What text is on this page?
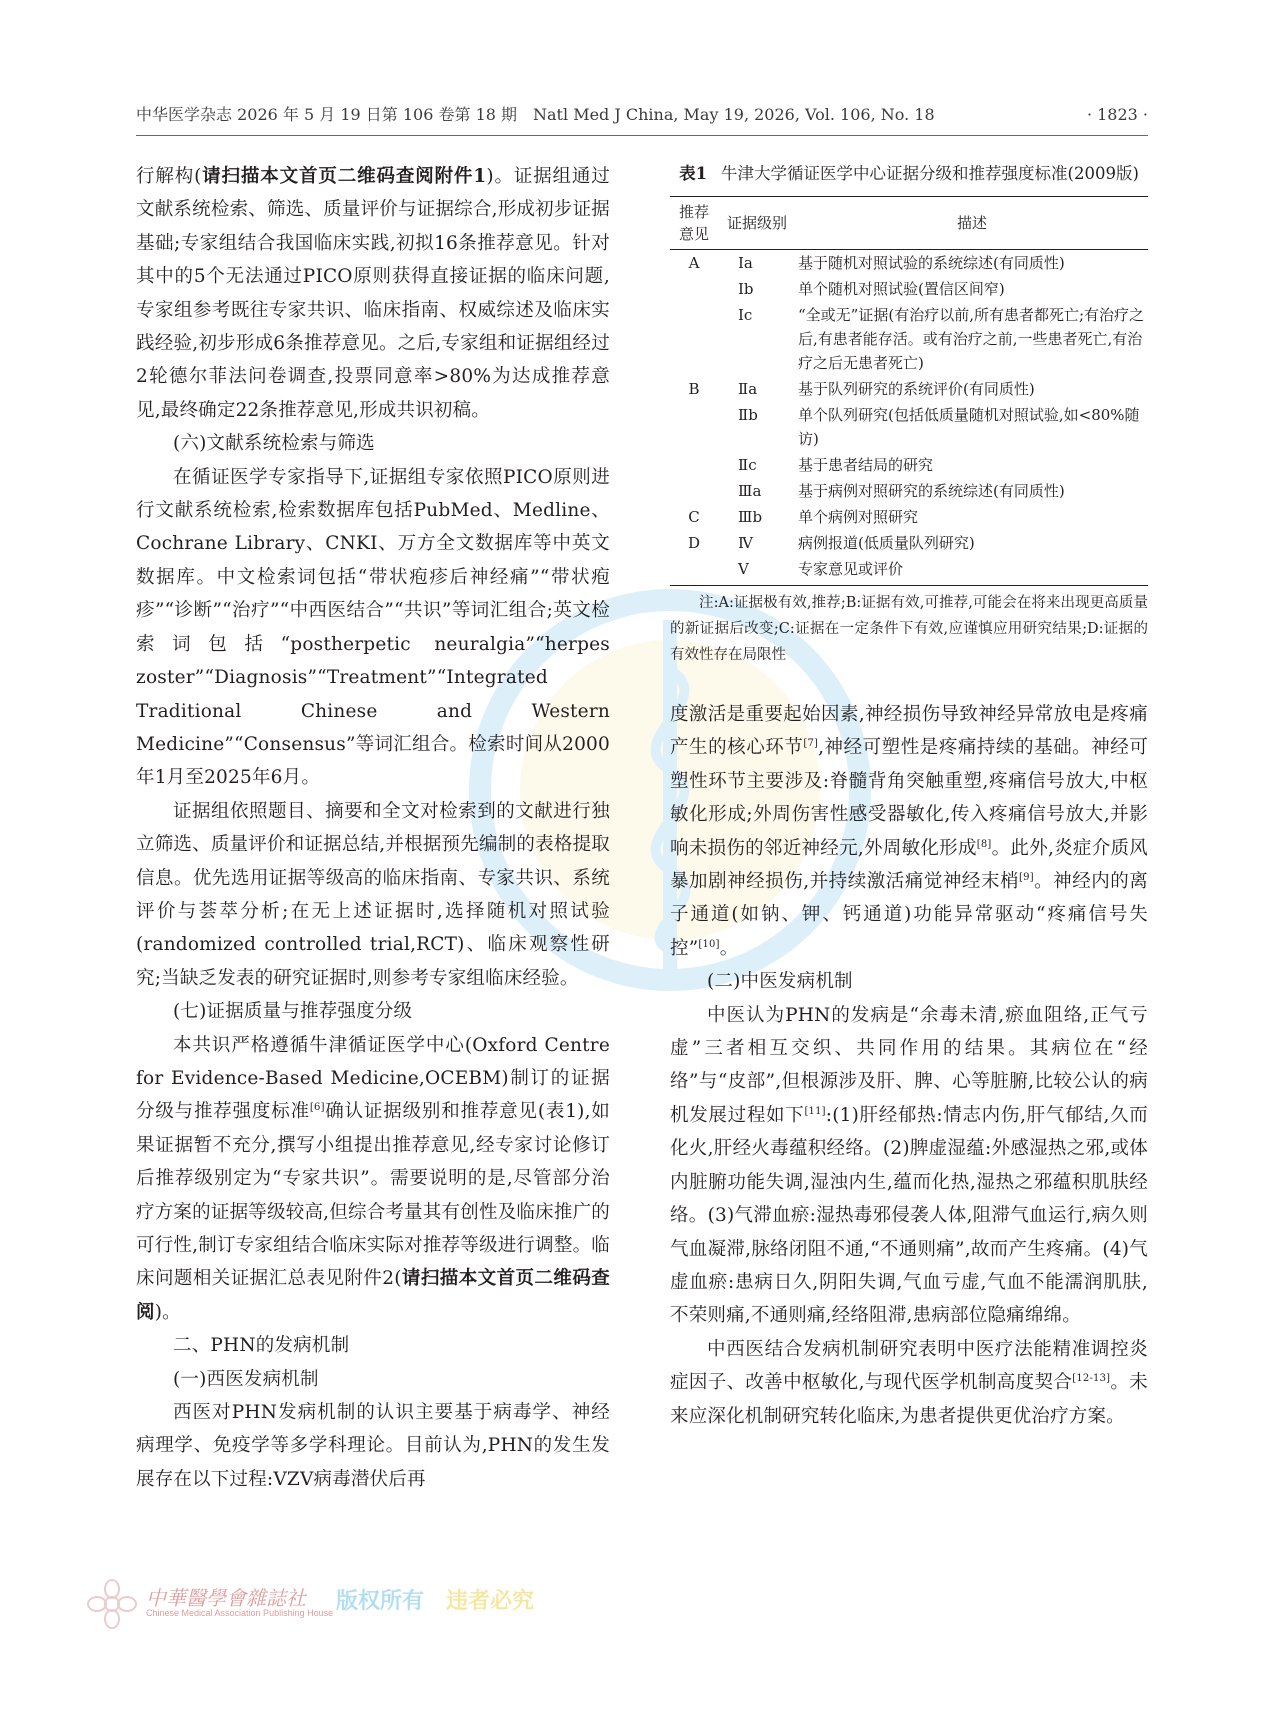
中华医学杂志 2026 年 5 月 19 日第 106 卷第 18 期　Natl Med J China, May 19, 2026, Vol. 106, No. 18	· 1823 ·

行解构(请扫描本文首页二维码查阅附件1)。证据组通过文献系统检索、筛选、质量评价与证据综合,形成初步证据基础;专家组结合我国临床实践,初拟16条推荐意见。针对其中的5个无法通过PICO原则获得直接证据的临床问题,专家组参考既往专家共识、临床指南、权威综述及临床实践经验,初步形成6条推荐意见。之后,专家组和证据组经过2轮德尔菲法问卷调查,投票同意率>80%为达成推荐意见,最终确定22条推荐意见,形成共识初稿。

(六)文献系统检索与筛选

在循证医学专家指导下,证据组专家依照PICO原则进行文献系统检索,检索数据库包括PubMed、Medline、Cochrane Library、CNKI、万方全文数据库等中英文数据库。中文检索词包括“带状疱疹后神经痛”“带状疱疹”“诊断”“治疗”“中西医结合”“共识”等词汇组合;英文检索词包括“postherpetic neuralgia”“herpes zoster”“Diagnosis”“Treatment”“Integrated Traditional Chinese and Western Medicine”“Consensus”等词汇组合。检索时间从2000年1月至2025年6月。

证据组依照题目、摘要和全文对检索到的文献进行独立筛选、质量评价和证据总结,并根据预先编制的表格提取信息。优先选用证据等级高的临床指南、专家共识、系统评价与荟萃分析;在无上述证据时,选择随机对照试验(randomized controlled trial,RCT)、临床观察性研究;当缺乏发表的研究证据时,则参考专家组临床经验。

(七)证据质量与推荐强度分级

本共识严格遵循牛津循证医学中心(Oxford Centre for Evidence-Based Medicine,OCEBM)制订的证据分级与推荐强度标准[6]确认证据级别和推荐意见(表1),如果证据暂不充分,撰写小组提出推荐意见,经专家讨论修订后推荐级别定为“专家共识”。需要说明的是,尽管部分治疗方案的证据等级较高,但综合考量其有创性及临床推广的可行性,制订专家组结合临床实际对推荐等级进行调整。临床问题相关证据汇总表见附件2(请扫描本文首页二维码查阅)。

二、PHN的发病机制

(一)西医发病机制

西医对PHN发病机制的认识主要基于病毒学、神经病理学、免疫学等多学科理论。目前认为,PHN的发生发展存在以下过程:VZV病毒潜伏后再

表1 牛津大学循证医学中心证据分级和推荐强度标准(2009版)
推荐意见	证据级别	描述
A	Ⅰa	基于随机对照试验的系统综述(有同质性)
	Ⅰb	单个随机对照试验(置信区间窄)
	Ⅰc	“全或无”证据(有治疗以前,所有患者都死亡;有治疗之后,有患者能存活。或有治疗之前,一些患者死亡,有治疗之后无患者死亡)
B	Ⅱa	基于队列研究的系统评价(有同质性)
	Ⅱb	单个队列研究(包括低质量随机对照试验,如<80%随访)
	Ⅱc	基于患者结局的研究
	Ⅲa	基于病例对照研究的系统综述(有同质性)
C	Ⅲb	单个病例对照研究
D	Ⅳ	病例报道(低质量队列研究)
	Ⅴ	专家意见或评价
注:A:证据极有效,推荐;B:证据有效,可推荐,可能会在将来出现更高质量的新证据后改变;C:证据在一定条件下有效,应谨慎应用研究结果;D:证据的有效性存在局限性

度激活是重要起始因素,神经损伤导致神经异常放电是疼痛产生的核心环节[7],神经可塑性是疼痛持续的基础。神经可塑性环节主要涉及:脊髓背角突触重塑,疼痛信号放大,中枢敏化形成;外周伤害性感受器敏化,传入疼痛信号放大,并影响未损伤的邻近神经元,外周敏化形成[8]。此外,炎症介质风暴加剧神经损伤,并持续激活痛觉神经末梢[9]。神经内的离子通道(如钠、钾、钙通道)功能异常驱动“疼痛信号失控”[10]。

(二)中医发病机制

中医认为PHN的发病是“余毒未清,瘀血阻络,正气亏虚”三者相互交织、共同作用的结果。其病位在“经络”与“皮部”,但根源涉及肝、脾、心等脏腑,比较公认的病机发展过程如下[11]:(1)肝经郁热:情志内伤,肝气郁结,久而化火,肝经火毒蕴积经络。(2)脾虚湿蕴:外感湿热之邪,或体内脏腑功能失调,湿浊内生,蕴而化热,湿热之邪蕴积肌肤经络。(3)气滞血瘀:湿热毒邪侵袭人体,阻滞气血运行,病久则气血凝滞,脉络闭阻不通,“不通则痛”,故而产生疼痛。(4)气虚血瘀:患病日久,阴阳失调,气血亏虚,气血不能濡润肌肤,不荣则痛,不通则痛,经络阻滞,患病部位隐痛绵绵。

中西医结合发病机制研究表明中医疗法能精准调控炎症因子、改善中枢敏化,与现代医学机制高度契合[12-13]。未来应深化机制研究转化临床,为患者提供更优治疗方案。

中華醫學會雜誌社
Chinese Medical Association Publishing House 版权所有 违者必究
